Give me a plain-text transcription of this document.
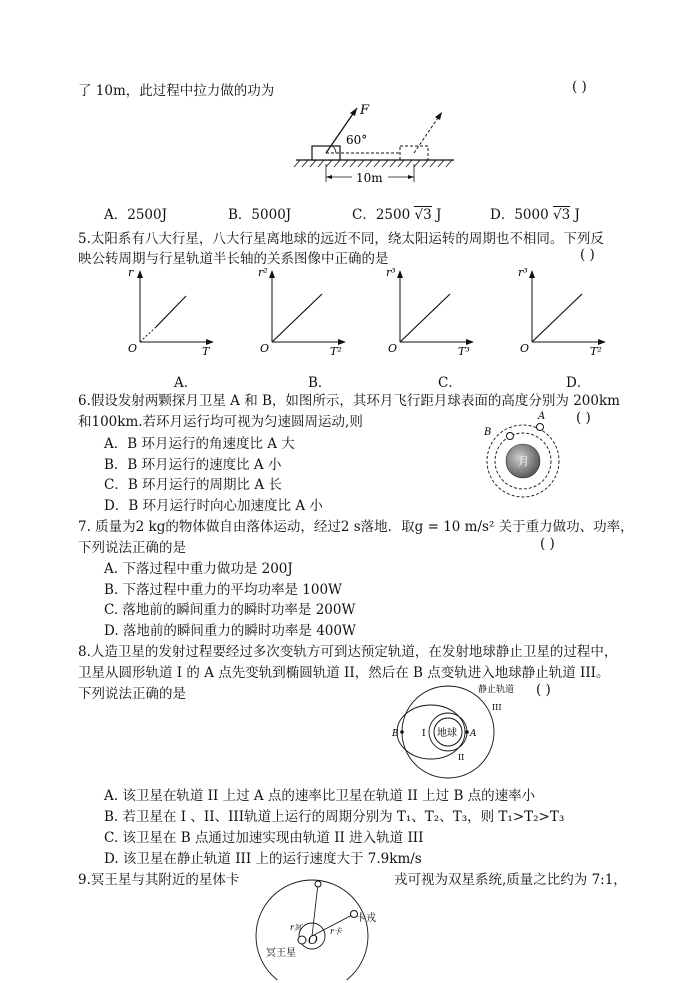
了 10m，此过程中拉力做的功为	( )
F
60°
10m
A．2500J	B．5000J	C．2500 √3 J	D．5000 √3 J
5.太阳系有八大行星，八大行星离地球的远近不同，绕太阳运转的周期也不相同。下列反
映公转周期与行星轨道半长轴的关系图像中正确的是	( )
r
T
O
r²
T²
O
r³
T³
O
r³
T²
O
A．	B．	C．	D．
6.假设发射两颗探月卫星 A 和 B，如图所示，其环月飞行距月球表面的高度分别为 200km
和100km.若环月运行均可视为匀速圆周运动,则	( )
A．B 环月运行的角速度比 A 大
B．B 环月运行的速度比 A 小
C．B 环月运行的周期比 A 长
D．B 环月运行时向心加速度比 A 小
月
A
B
7. 质量为2 kg的物体做自由落体运动，经过2 s落地．取g = 10 m/s² 关于重力做功、功率，
下列说法正确的是	( )
A. 下落过程中重力做功是 200J
B. 下落过程中重力的平均功率是 100W
C. 落地前的瞬间重力的瞬时功率是 200W
D. 落地前的瞬间重力的瞬时功率是 400W
8.人造卫星的发射过程要经过多次变轨方可到达预定轨道，在发射地球静止卫星的过程中，
卫星从圆形轨道 I 的 A 点先变轨到椭圆轨道 II，然后在 B 点变轨进入地球静止轨道 III。
下列说法正确的是	( )
地球 A
B	I
II
III
静止轨道
A. 该卫星在轨道 II 上过 A 点的速率比卫星在轨道 II 上过 B 点的速率小
B. 若卫星在 I 、II、III轨道上运行的周期分别为 T₁、T₂、T₃，则 T₁>T₂>T₃
C. 该卫星在 B 点通过加速实现由轨道 II 进入轨道 III
D. 该卫星在静止轨道 III 上的运行速度大于 7.9km/s
9.冥王星与其附近的星体卡	戎可视为双星系统,质量之比约为 7:1，
O
r冥	r卡
卡戎
冥王星
